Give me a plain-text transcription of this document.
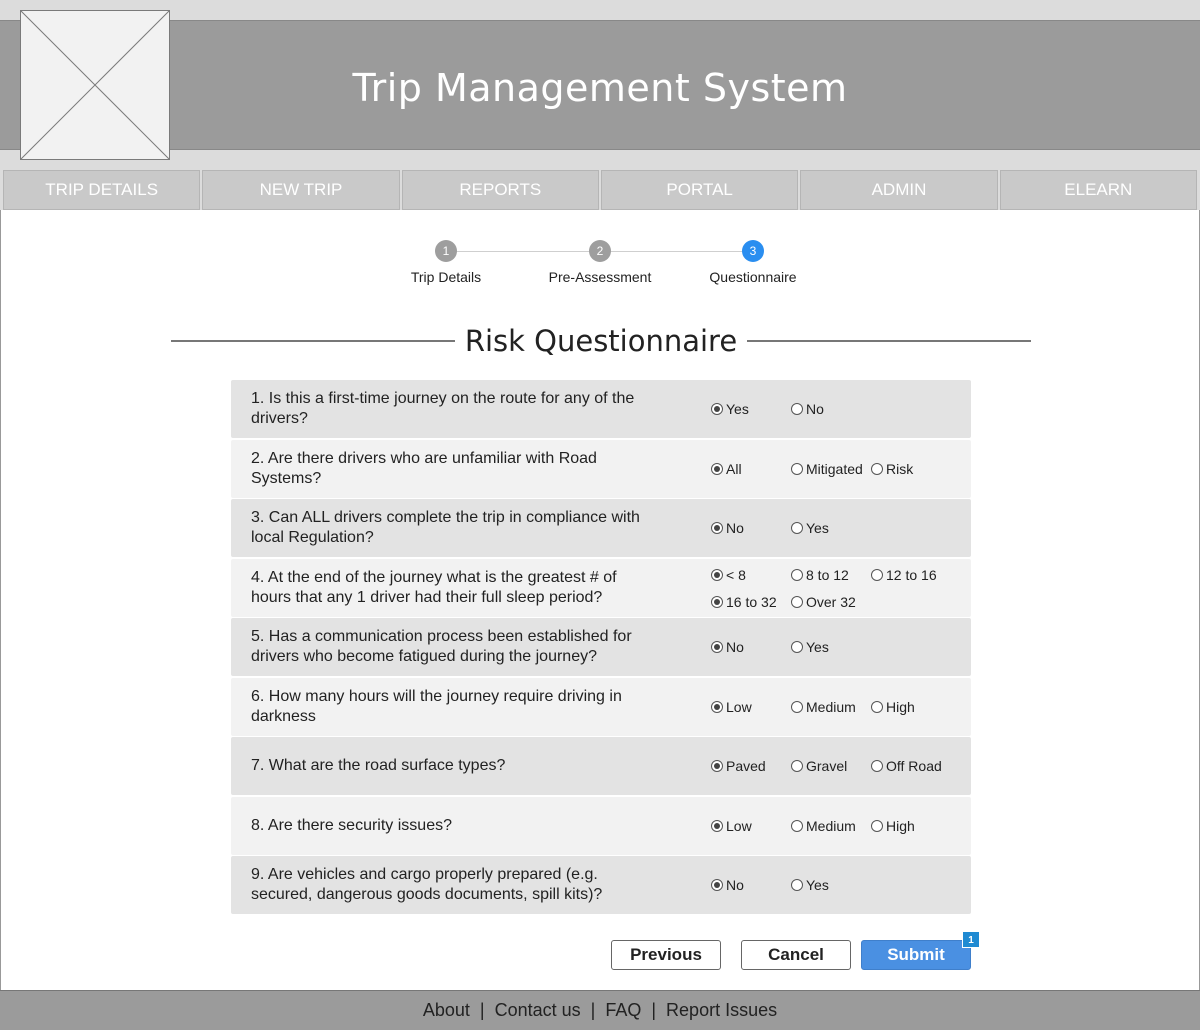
Trip Management System
TRIP DETAILS	NEW TRIP	REPORTS	PORTAL	ADMIN	ELEARN
1
Trip Details
2
Pre-Assessment
3
Questionnaire
Risk Questionnaire
1. Is this a first-time journey on the route for any of the
drivers?
Yes	No
2. Are there drivers who are unfamiliar with Road
Systems?
All	Mitigated Risk
3. Can ALL drivers complete the trip in compliance with
local Regulation?
No	Yes
4. At the end of the journey what is the greatest # of
hours that any 1 driver had their full sleep period?
< 8	8 to 12	12 to 16
16 to 32 Over 32
5. Has a communication process been established for
drivers who become fatigued during the journey?
No	Yes
6. How many hours will the journey require driving in
darkness
Low	Medium High
7. What are the road surface types?	Paved	Gravel	Off Road
8. Are there security issues?	Low	Medium High
9. Are vehicles and cargo properly prepared (e.g.
secured, dangerous goods documents, spill kits)?
No	Yes
Previous	Cancel	Submit
1
About | Contact us | FAQ | Report Issues
